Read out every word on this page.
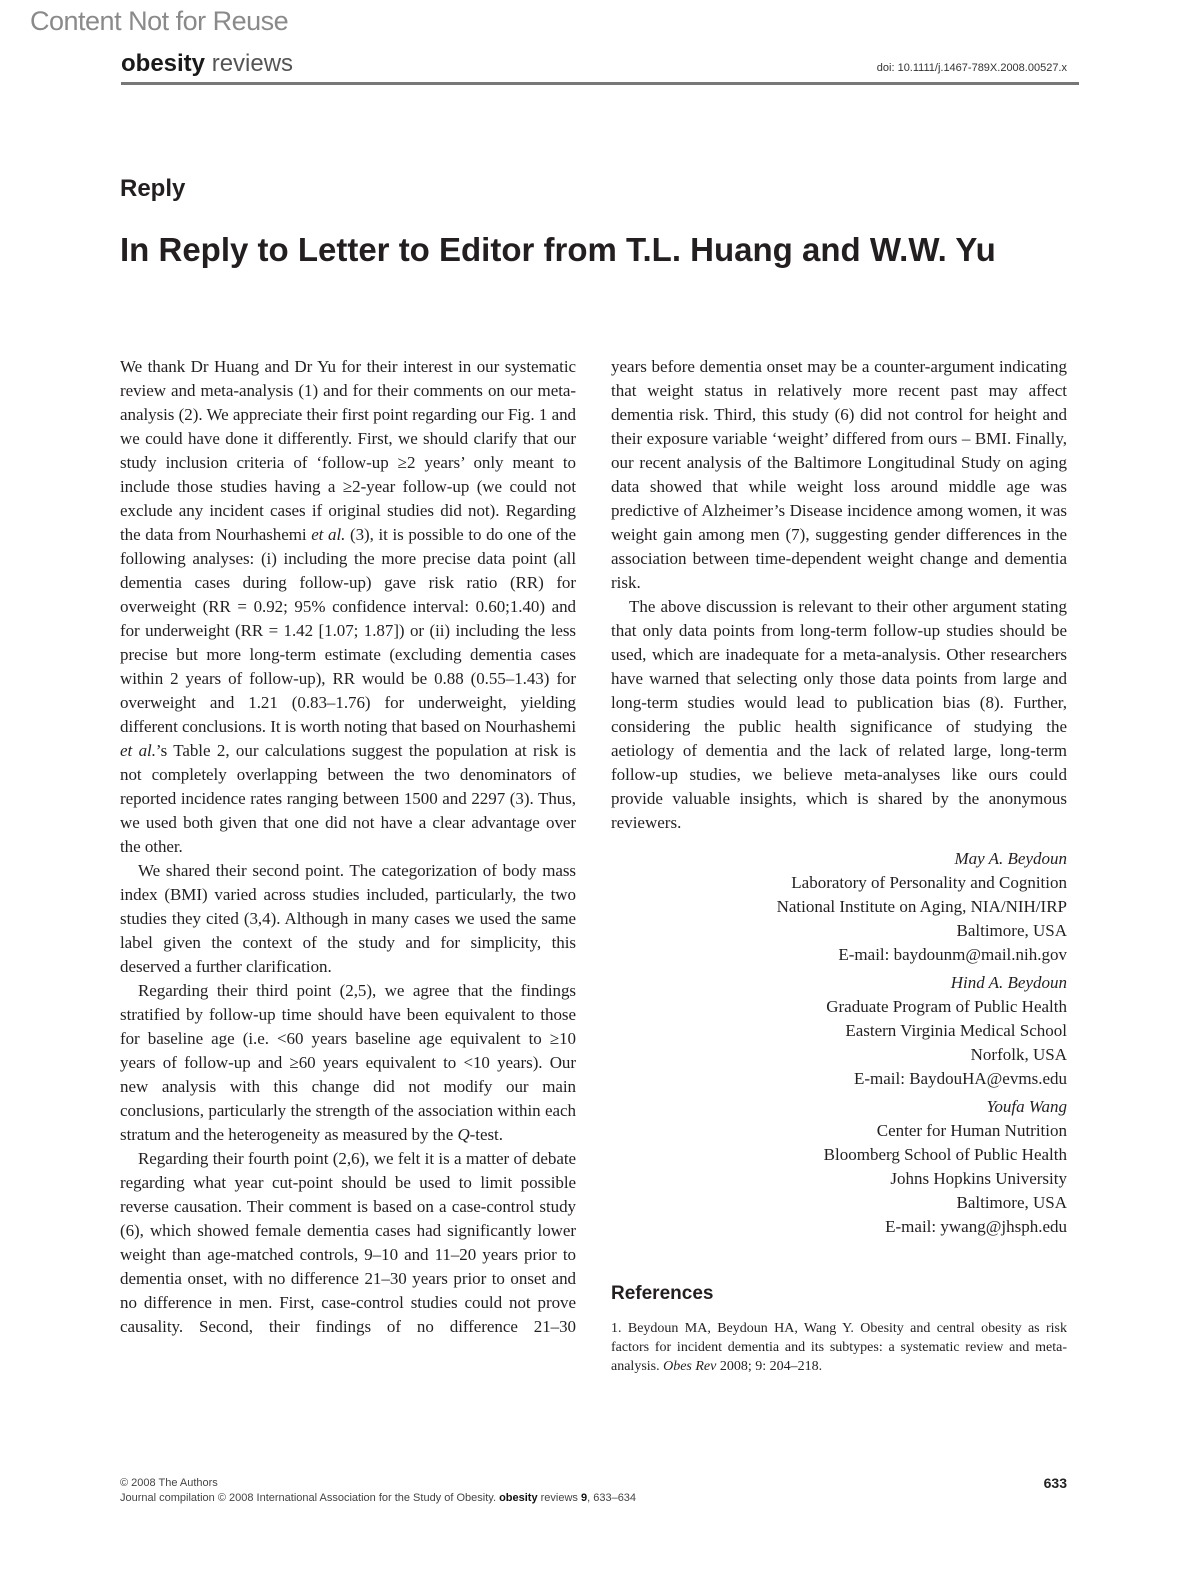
Content Not for Reuse
obesity reviews	doi: 10.1111/j.1467-789X.2008.00527.x
Reply
In Reply to Letter to Editor from T.L. Huang and W.W. Yu

We thank Dr Huang and Dr Yu for their interest in our systematic review and meta-analysis (1) and for their comments on our meta-analysis (2). We appreciate their first point regarding our Fig. 1 and we could have done it differently. First, we should clarify that our study inclusion criteria of ‘follow-up ≥2 years’ only meant to include those studies having a ≥2-year follow-up (we could not exclude any incident cases if original studies did not). Regarding the data from Nourhashemi et al. (3), it is possible to do one of the following analyses: (i) including the more precise data point (all dementia cases during follow-up) gave risk ratio (RR) for overweight (RR = 0.92; 95% confidence interval: 0.60;1.40) and for underweight (RR = 1.42 [1.07; 1.87]) or (ii) including the less precise but more long-term estimate (excluding dementia cases within 2 years of follow-up), RR would be 0.88 (0.55–1.43) for overweight and 1.21 (0.83–1.76) for underweight, yielding different conclusions. It is worth noting that based on Nourhashemi et al.’s Table 2, our calculations suggest the population at risk is not completely overlapping between the two denominators of reported incidence rates ranging between 1500 and 2297 (3). Thus, we used both given that one did not have a clear advantage over the other.

We shared their second point. The categorization of body mass index (BMI) varied across studies included, particularly, the two studies they cited (3,4). Although in many cases we used the same label given the context of the study and for simplicity, this deserved a further clarification.

Regarding their third point (2,5), we agree that the findings stratified by follow-up time should have been equivalent to those for baseline age (i.e. <60 years baseline age equivalent to ≥10 years of follow-up and ≥60 years equivalent to <10 years). Our new analysis with this change did not modify our main conclusions, particularly the strength of the association within each stratum and the heterogeneity as measured by the Q-test.

Regarding their fourth point (2,6), we felt it is a matter of debate regarding what year cut-point should be used to limit possible reverse causation. Their comment is based on a case-control study (6), which showed female dementia cases had significantly lower weight than age-matched controls, 9–10 and 11–20 years prior to dementia onset, with no difference 21–30 years prior to onset and no difference in men. First, case-control studies could not prove causality. Second, their findings of no difference 21–30

years before dementia onset may be a counter-argument indicating that weight status in relatively more recent past may affect dementia risk. Third, this study (6) did not control for height and their exposure variable ‘weight’ differed from ours – BMI. Finally, our recent analysis of the Baltimore Longitudinal Study on aging data showed that while weight loss around middle age was predictive of Alzheimer’s Disease incidence among women, it was weight gain among men (7), suggesting gender differences in the association between time-dependent weight change and dementia risk.

The above discussion is relevant to their other argument stating that only data points from long-term follow-up studies should be used, which are inadequate for a meta-analysis. Other researchers have warned that selecting only those data points from large and long-term studies would lead to publication bias (8). Further, considering the public health significance of studying the aetiology of dementia and the lack of related large, long-term follow-up studies, we believe meta-analyses like ours could provide valuable insights, which is shared by the anonymous reviewers.

May A. Beydoun
Laboratory of Personality and Cognition
National Institute on Aging, NIA/NIH/IRP
Baltimore, USA
E-mail: baydounm@mail.nih.gov
Hind A. Beydoun
Graduate Program of Public Health
Eastern Virginia Medical School
Norfolk, USA
E-mail: BaydouHA@evms.edu
Youfa Wang
Center for Human Nutrition
Bloomberg School of Public Health
Johns Hopkins University
Baltimore, USA
E-mail: ywang@jhsph.edu
References
1. Beydoun MA, Beydoun HA, Wang Y. Obesity and central obesity as risk factors for incident dementia and its subtypes: a systematic review and meta-analysis. Obes Rev 2008; 9: 204–218.
© 2008 The Authors
Journal compilation © 2008 International Association for the Study of Obesity. obesity reviews 9, 633–634
633
